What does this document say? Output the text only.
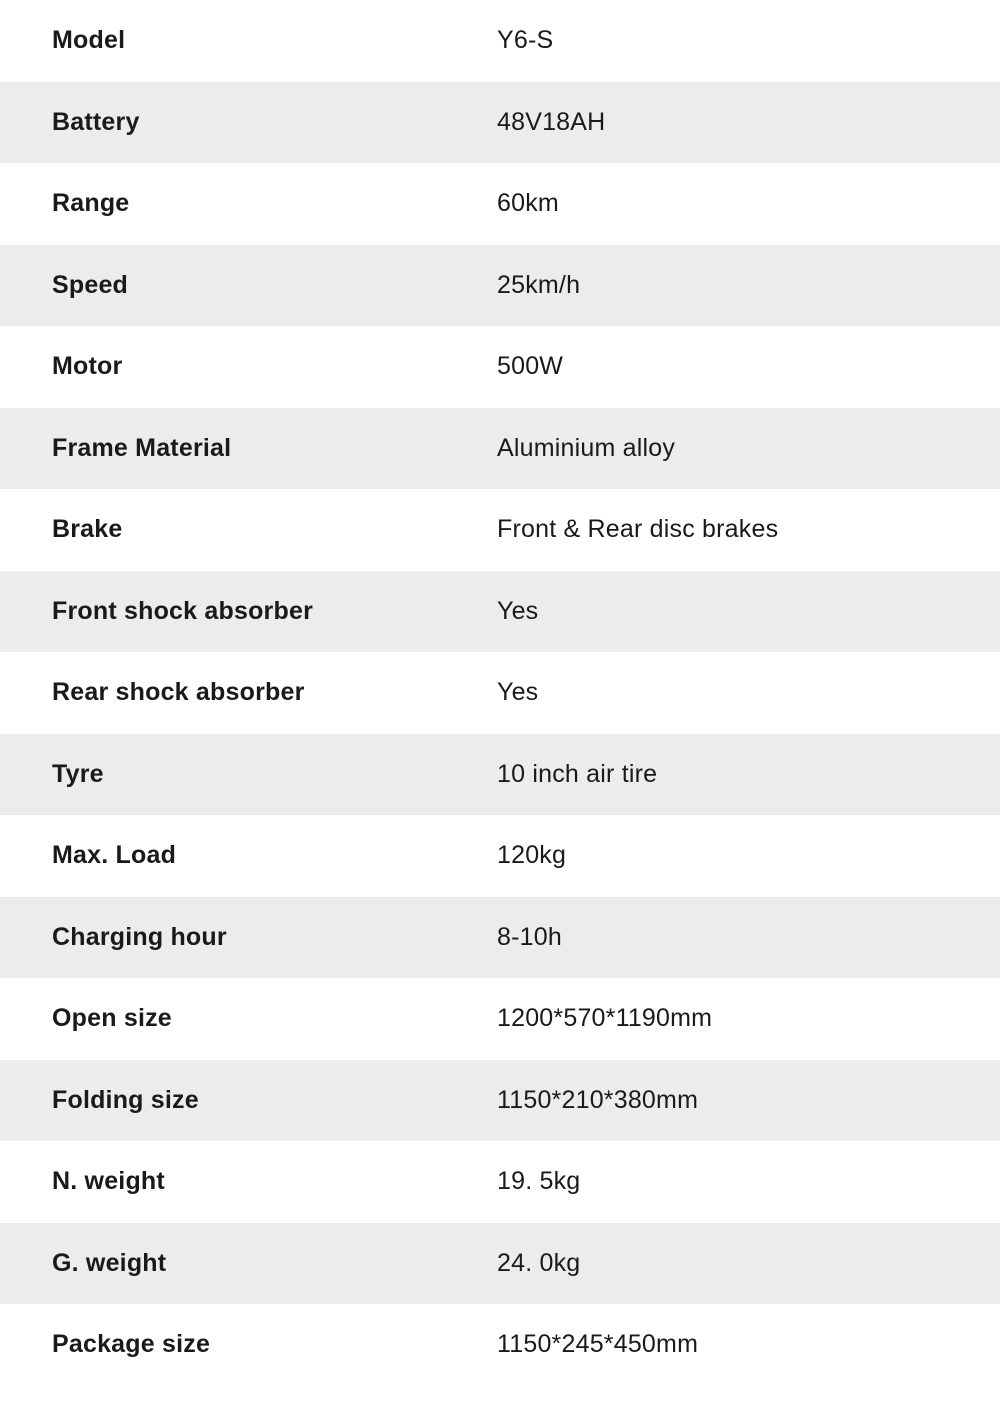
Model	Y6-S
Battery	48V18AH
Range	60km
Speed	25km/h
Motor	500W
Frame Material	Aluminium alloy
Brake	Front & Rear disc brakes
Front shock absorber	Yes
Rear shock absorber	Yes
Tyre	10 inch air tire
Max. Load	120kg
Charging hour	8-10h
Open size	1200*570*1190mm
Folding size	1150*210*380mm
N. weight	19. 5kg
G. weight	24. 0kg
Package size	1150*245*450mm
